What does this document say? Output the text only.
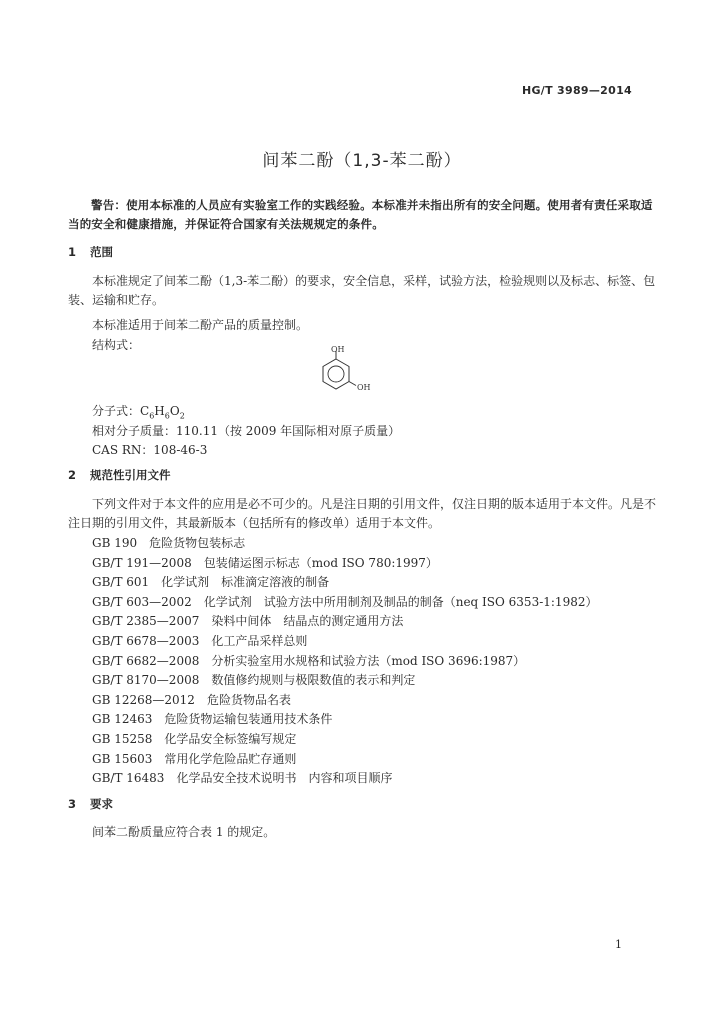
HG/T 3989—2014
间苯二酚（1,3-苯二酚）
警告：使用本标准的人员应有实验室工作的实践经验。本标准并未指出所有的安全问题。使用者有责任采取适当的安全和健康措施，并保证符合国家有关法规规定的条件。
1 范围
本标准规定了间苯二酚（1,3-苯二酚）的要求，安全信息，采样，试验方法，检验规则以及标志、标签、包装、运输和贮存。
本标准适用于间苯二酚产品的质量控制。
结构式：	OH
OH
分子式：$C_6H_6O_2$
相对分子质量：110.11（按 2009 年国际相对原子质量）
CAS RN：108-46-3
2 规范性引用文件
下列文件对于本文件的应用是必不可少的。凡是注日期的引用文件，仅注日期的版本适用于本文件。凡是不注日期的引用文件，其最新版本（包括所有的修改单）适用于本文件。
GB 190 危险货物包装标志
GB/T 191—2008 包装储运图示标志（mod ISO 780:1997）
GB/T 601 化学试剂　标准滴定溶液的制备
GB/T 603—2002 化学试剂　试验方法中所用制剂及制品的制备（neq ISO 6353-1:1982）
GB/T 2385—2007 染料中间体　结晶点的测定通用方法
GB/T 6678—2003 化工产品采样总则
GB/T 6682—2008 分析实验室用水规格和试验方法（mod ISO 3696:1987）
GB/T 8170—2008 数值修约规则与极限数值的表示和判定
GB 12268—2012 危险货物品名表
GB 12463 危险货物运输包装通用技术条件
GB 15258 化学品安全标签编写规定
GB 15603 常用化学危险品贮存通则
GB/T 16483 化学品安全技术说明书　内容和项目顺序
3 要求
间苯二酚质量应符合表 1 的规定。
1
